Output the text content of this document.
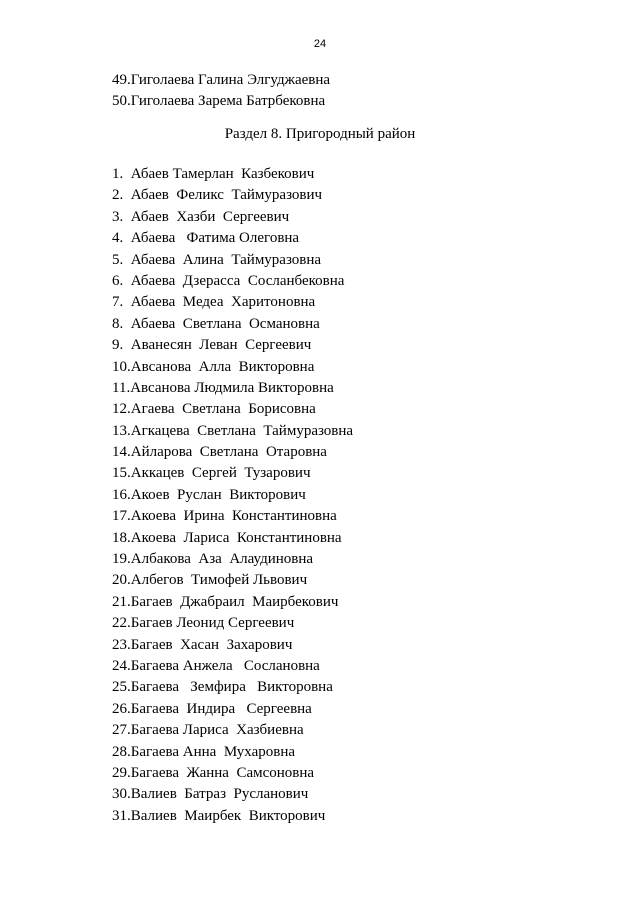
24
49.Гиголаева Галина Элгуджаевна
50.Гиголаева Зарема Батрбековна
Раздел 8. Пригородный район
1.  Абаев Тамерлан  Казбекович
2.  Абаев  Феликс  Таймуразович
3.  Абаев  Хазби  Сергеевич
4.  Абаева   Фатима Олеговна
5.  Абаева  Алина  Таймуразовна
6.  Абаева  Дзерасса  Сосланбековна
7.  Абаева  Медеа  Харитоновна
8.  Абаева  Светлана  Османовна
9.  Аванесян  Леван  Сергеевич
10.Авсанова  Алла  Викторовна
11.Авсанова Людмила Викторовна
12.Агаева  Светлана  Борисовна
13.Агкацева  Светлана  Таймуразовна
14.Айларова  Светлана  Отаровна
15.Аккацев  Сергей  Тузарович
16.Акоев  Руслан  Викторович
17.Акоева  Ирина  Константиновна
18.Акоева  Лариса  Константиновна
19.Албакова  Аза  Алаудиновна
20.Албегов  Тимофей Львович
21.Багаев  Джабраил  Маирбекович
22.Багаев Леонид Сергеевич
23.Багаев  Хасан  Захарович
24.Багаева Анжела   Сослановна
25.Багаева   Земфира   Викторовна
26.Багаева  Индира   Сергеевна
27.Багаева Лариса  Хазбиевна
28.Багаева Анна  Мухаровна
29.Багаева  Жанна  Самсоновна
30.Валиев  Батраз  Русланович
31.Валиев  Маирбек  Викторович
